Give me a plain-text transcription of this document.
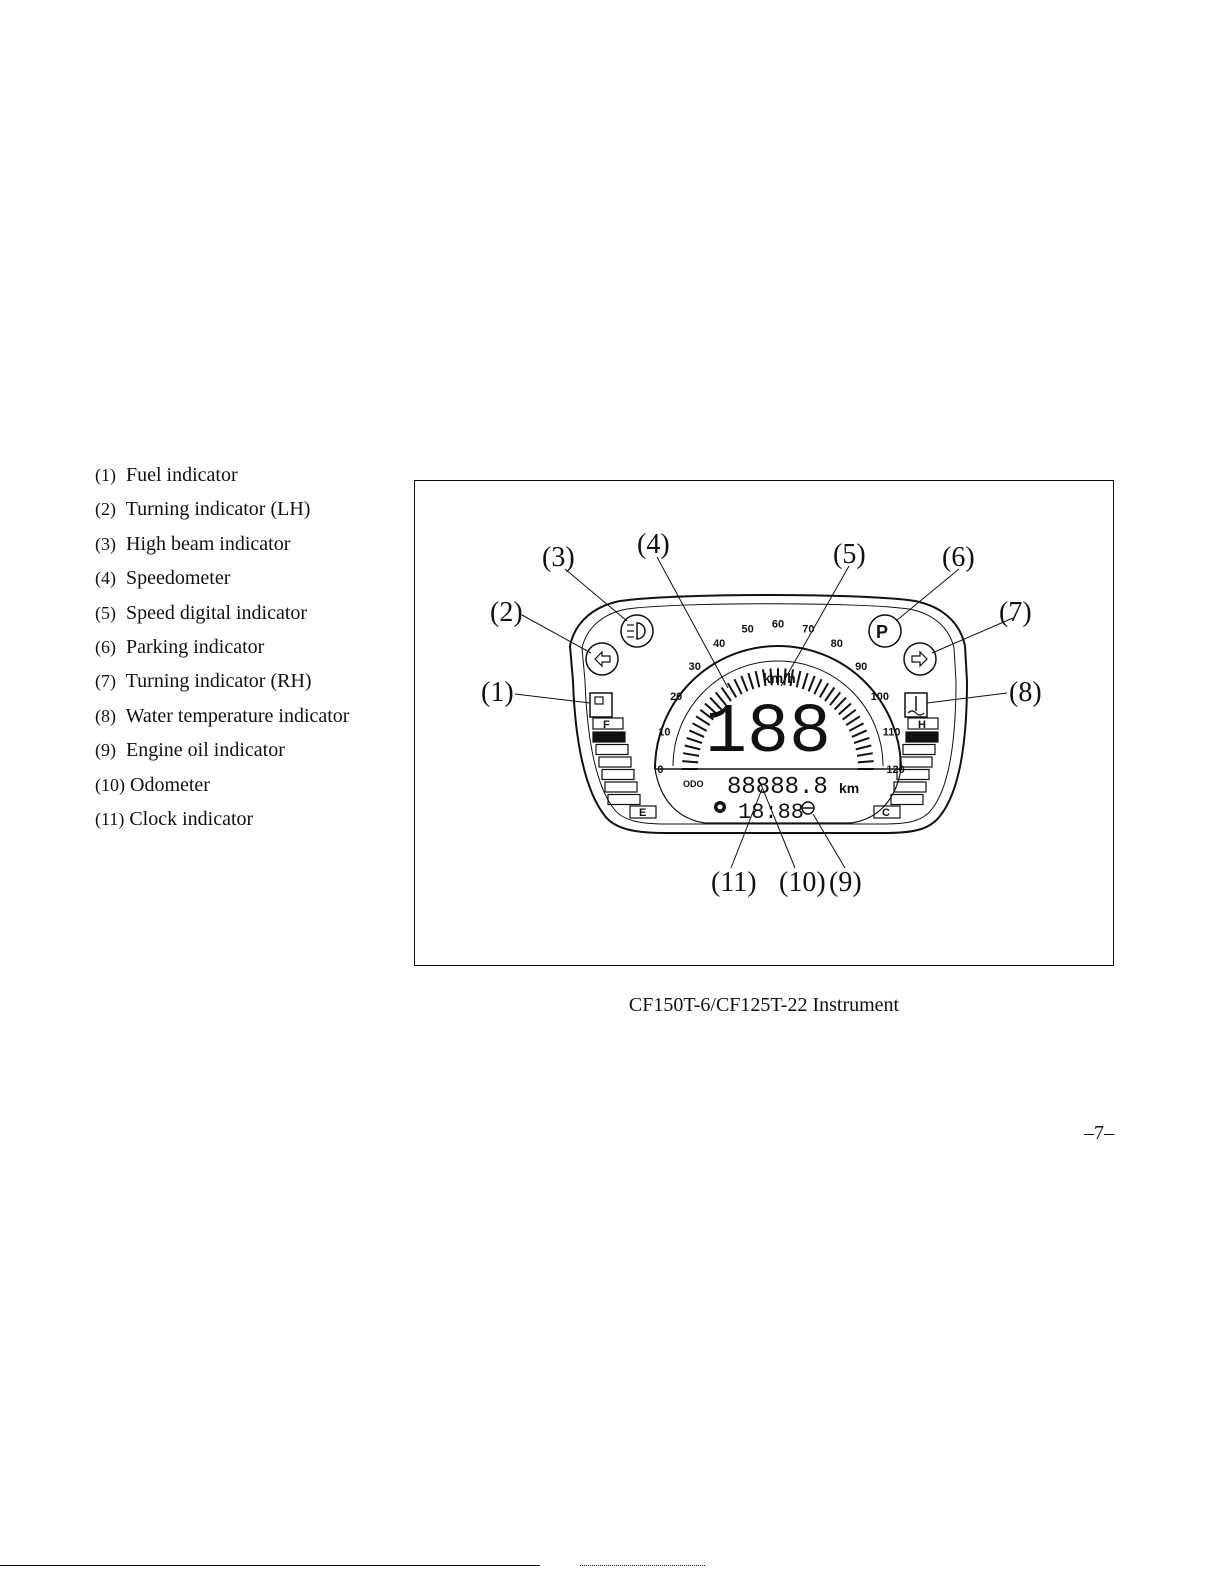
(1) Fuel indicator
(2) Turning indicator (LH)
(3) High beam indicator
(4) Speedometer
(5) Speed digital indicator
(6) Parking indicator
(7) Turning indicator (RH)
(8) Water temperature indicator
(9) Engine oil indicator
(10) Odometer
(11) Clock indicator
0
10
20
30
40
50 60 70
80
90
100
110
120
km/h
188
ODO 88888.8 km
18:88
P
F
E
H
C
(1)
(2)
(3) (4)	(5)	(6)
(7)
(8)
(9)
(10)
(11)
CF150T-6/CF125T-22 Instrument
–7–
